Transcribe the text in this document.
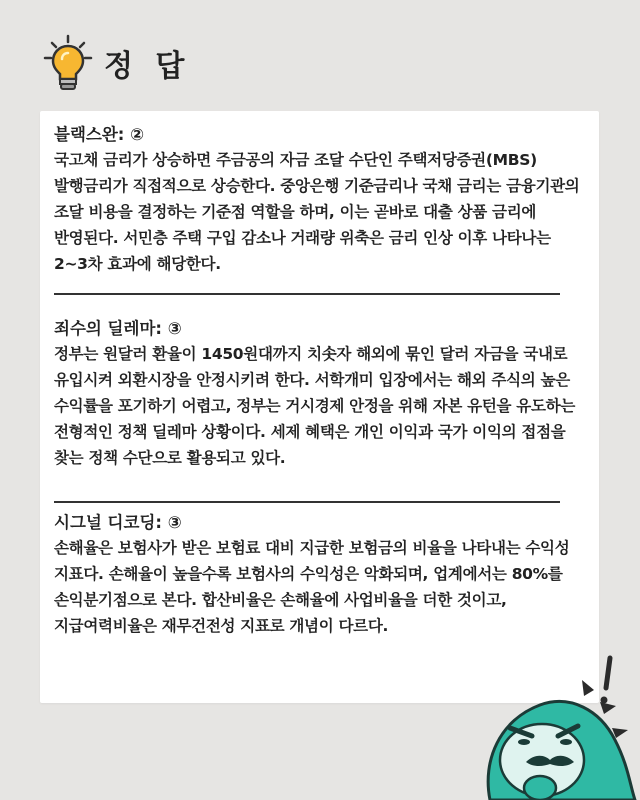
정 답
블랙스완: ②
국고채 금리가 상승하면 주금공의 자금 조달 수단인 주택저당증권(MBS) 발행금리가 직접적으로 상승한다. 중앙은행 기준금리나 국채 금리는 금융기관의 조달 비용을 결정하는 기준점 역할을 하며, 이는 곧바로 대출 상품 금리에 반영된다. 서민층 주택 구입 감소나 거래량 위축은 금리 인상 이후 나타나는 2~3차 효과에 해당한다.
죄수의 딜레마: ③
정부는 원달러 환율이 1450원대까지 치솟자 해외에 묶인 달러 자금을 국내로 유입시켜 외환시장을 안정시키려 한다. 서학개미 입장에서는 해외 주식의 높은 수익률을 포기하기 어렵고, 정부는 거시경제 안정을 위해 자본 유턴을 유도하는 전형적인 정책 딜레마 상황이다. 세제 혜택은 개인 이익과 국가 이익의 접점을 찾는 정책 수단으로 활용되고 있다.
시그널 디코딩: ③
손해율은 보험사가 받은 보험료 대비 지급한 보험금의 비율을 나타내는 수익성 지표다. 손해율이 높을수록 보험사의 수익성은 악화되며, 업계에서는 80%를 손익분기점으로 본다. 합산비율은 손해율에 사업비율을 더한 것이고, 지급여력비율은 재무건전성 지표로 개념이 다르다.
